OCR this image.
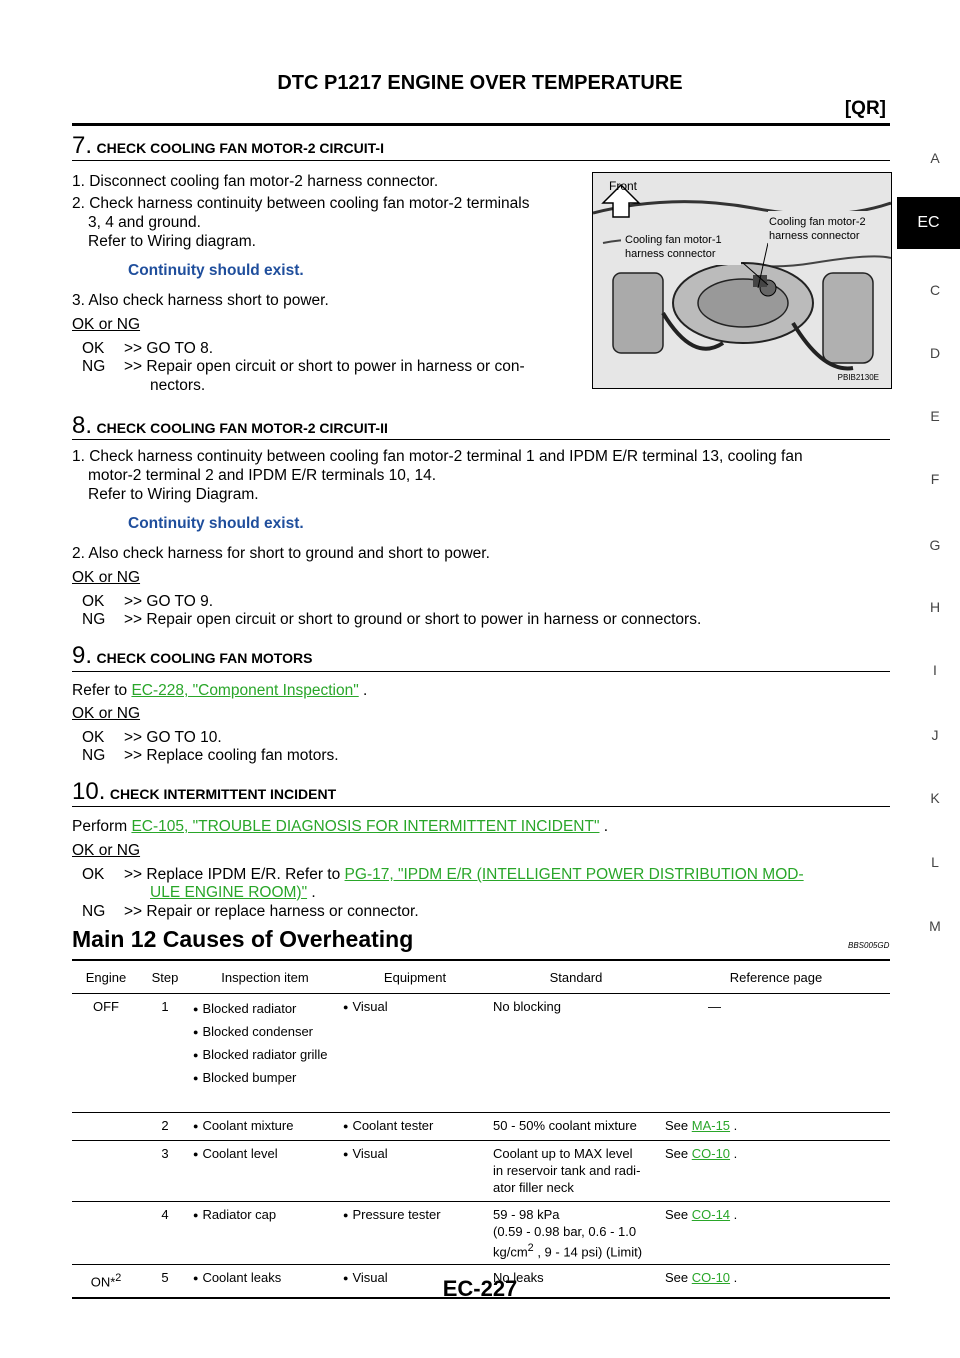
DTC P1217 ENGINE OVER TEMPERATURE
[QR]
A
EC
C
D
E
F
G
H
I
J
K
L
M
7. CHECK COOLING FAN MOTOR-2 CIRCUIT-I
1. Disconnect cooling fan motor-2 harness connector.
2. Check harness continuity between cooling fan motor-2 terminals
3, 4 and ground.
Refer to Wiring diagram.
Continuity should exist.
3. Also check harness short to power.
OK or NG
OK >> GO TO 8.
NG >> Repair open circuit or short to power in harness or con-
nectors.
Front
Cooling fan motor-1
harness connector
Cooling fan motor-2
harness connector
PBIB2130E
8. CHECK COOLING FAN MOTOR-2 CIRCUIT-II
1. Check harness continuity between cooling fan motor-2 terminal 1 and IPDM E/R terminal 13, cooling fan
motor-2 terminal 2 and IPDM E/R terminals 10, 14.
Refer to Wiring Diagram.
Continuity should exist.
2. Also check harness for short to ground and short to power.
OK or NG
OK >> GO TO 9.
NG >> Repair open circuit or short to ground or short to power in harness or connectors.
9. CHECK COOLING FAN MOTORS
Refer to EC-228, "Component Inspection" .
OK or NG
OK >> GO TO 10.
NG >> Replace cooling fan motors.
10. CHECK INTERMITTENT INCIDENT
Perform EC-105, "TROUBLE DIAGNOSIS FOR INTERMITTENT INCIDENT" .
OK or NG
OK >> Replace IPDM E/R. Refer to PG-17, "IPDM E/R (INTELLIGENT POWER DISTRIBUTION MOD-
ULE ENGINE ROOM)" .
NG >> Repair or replace harness or connector.
Main 12 Causes of Overheating	BBS005GD
Engine	Step	Inspection item	Equipment	Standard	Reference page
OFF	1	● Blocked radiator
● Blocked condenser
● Blocked radiator grille
● Blocked bumper	● Visual	No blocking	—
	2	● Coolant mixture	● Coolant tester	50 - 50% coolant mixture	See MA-15 .
	3	● Coolant level	● Visual	Coolant up to MAX level
in reservoir tank and radi-
ator filler neck	See CO-10 .
	4	● Radiator cap	● Pressure tester	59 - 98 kPa
(0.59 - 0.98 bar, 0.6 - 1.0
$kg/cm^2$ , 9 - 14 psi) (Limit)	See CO-14 .
ON*$^2$	5	● Coolant leaks	● Visual	No leaks	See CO-10 .
EC-227
